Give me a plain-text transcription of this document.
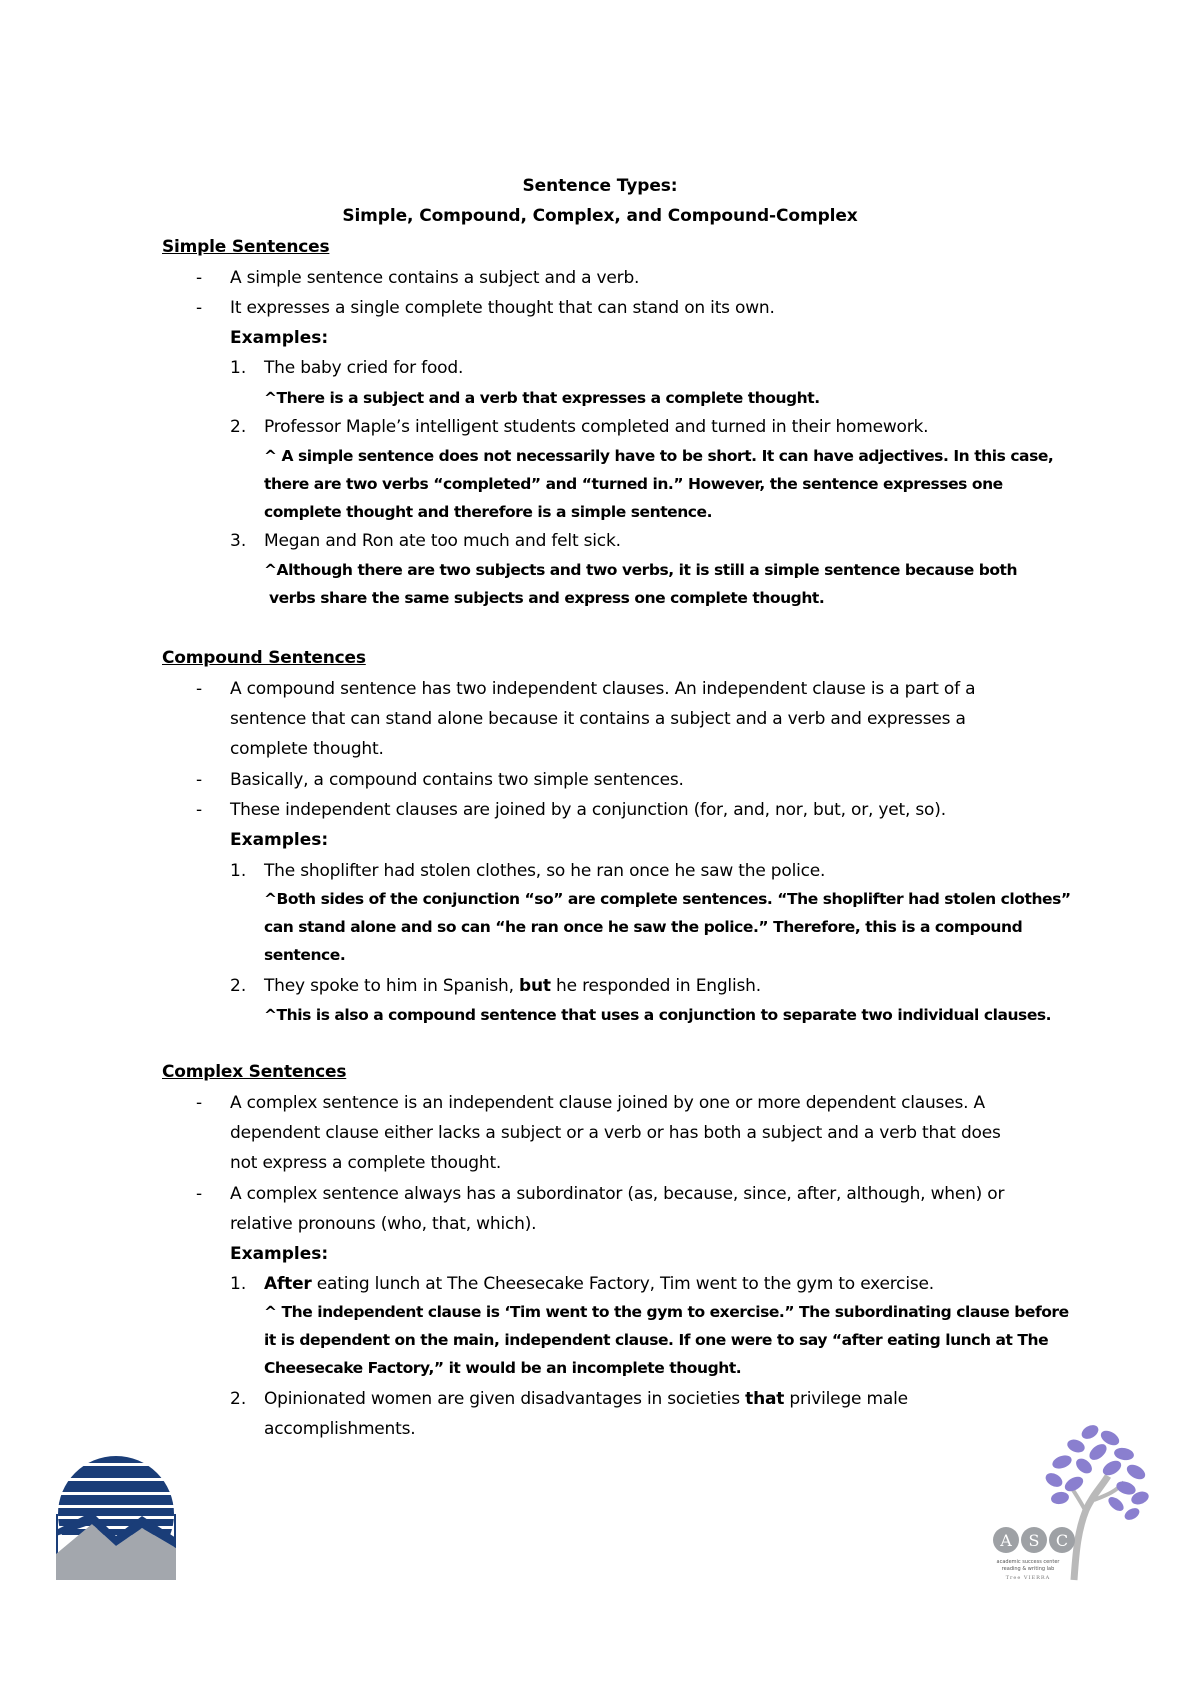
Sentence Types:
Simple, Compound, Complex, and Compound-Complex
Simple Sentences
- A simple sentence contains a subject and a verb.
- It expresses a single complete thought that can stand on its own.
Examples:
1. The baby cried for food.
^There is a subject and a verb that expresses a complete thought.
2. Professor Maple’s intelligent students completed and turned in their homework.
^ A simple sentence does not necessarily have to be short. It can have adjectives. In this case,
there are two verbs “completed” and “turned in.” However, the sentence expresses one
complete thought and therefore is a simple sentence.
3. Megan and Ron ate too much and felt sick.
^Although there are two subjects and two verbs, it is still a simple sentence because both
verbs share the same subjects and express one complete thought.
Compound Sentences
- A compound sentence has two independent clauses. An independent clause is a part of a
sentence that can stand alone because it contains a subject and a verb and expresses a
complete thought.
- Basically, a compound contains two simple sentences.
- These independent clauses are joined by a conjunction (for, and, nor, but, or, yet, so).
Examples:
1. The shoplifter had stolen clothes, so he ran once he saw the police.
^Both sides of the conjunction “so” are complete sentences. “The shoplifter had stolen clothes”
can stand alone and so can “he ran once he saw the police.” Therefore, this is a compound
sentence.
2. They spoke to him in Spanish, but he responded in English.
^This is also a compound sentence that uses a conjunction to separate two individual clauses.
Complex Sentences
- A complex sentence is an independent clause joined by one or more dependent clauses. A
dependent clause either lacks a subject or a verb or has both a subject and a verb that does
not express a complete thought.
- A complex sentence always has a subordinator (as, because, since, after, although, when) or
relative pronouns (who, that, which).
Examples:
1. After eating lunch at The Cheesecake Factory, Tim went to the gym to exercise.
^ The independent clause is ‘Tim went to the gym to exercise.” The subordinating clause before
it is dependent on the main, independent clause. If one were to say “after eating lunch at The
Cheesecake Factory,” it would be an incomplete thought.
2. Opinionated women are given disadvantages in societies that privilege male
accomplishments.
A S C
academic success center
reading & writing lab
Tree VIERRA
